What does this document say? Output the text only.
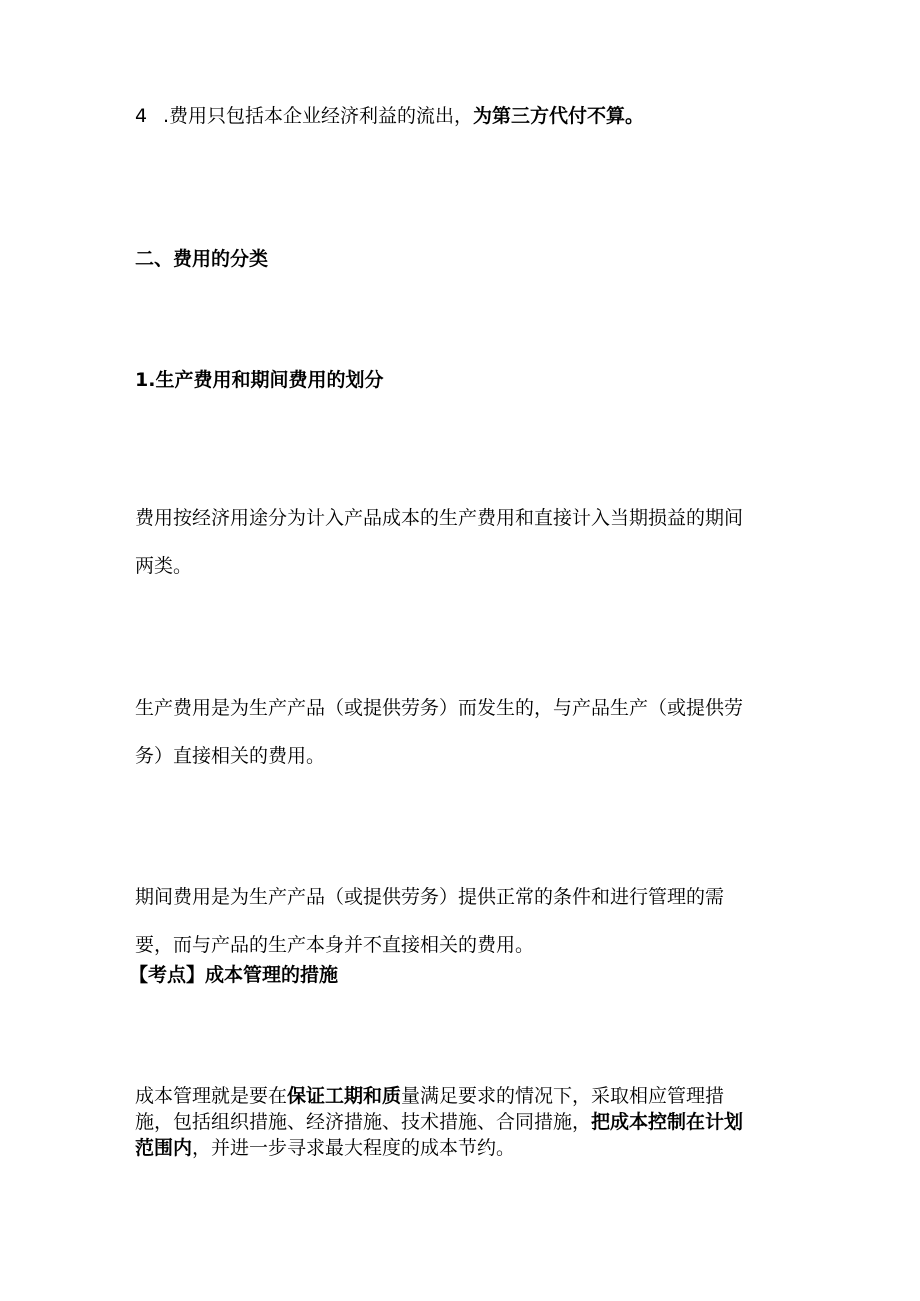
4 .费用只包括本企业经济利益的流出，为第三方代付不算。

二、费用的分类

1.生产费用和期间费用的划分

费用按经济用途分为计入产品成本的生产费用和直接计入当期损益的期间

两类。

生产费用是为生产产品（或提供劳务）而发生的，与产品生产（或提供劳

务）直接相关的费用。

期间费用是为生产产品（或提供劳务）提供正常的条件和进行管理的需

要，而与产品的生产本身并不直接相关的费用。

【考点】成本管理的措施

成本管理就是要在保证工期和质量满足要求的情况下，采取相应管理措

施，包括组织措施、经济措施、技术措施、合同措施，把成本控制在计划

范围内，并进一步寻求最大程度的成本节约。
